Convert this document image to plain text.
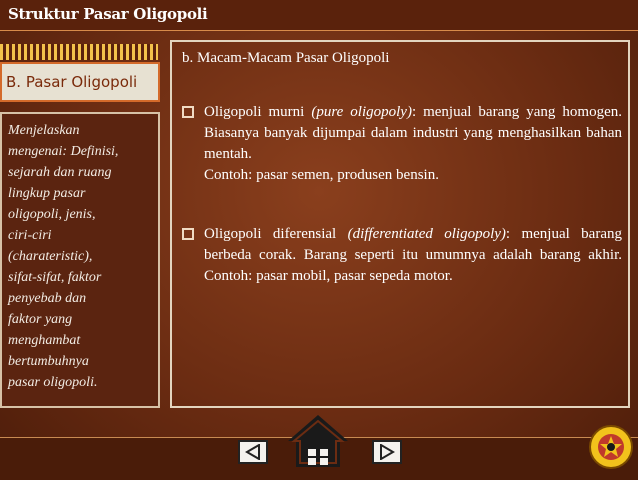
Struktur Pasar Oligopoli
B. Pasar Oligopoli
Menjelaskan
mengenai: Definisi,
sejarah dan ruang
lingkup pasar
oligopoli, jenis,
ciri-ciri
(charateristic),
sifat-sifat, faktor
penyebab dan
faktor yang
menghambat
bertumbuhnya
pasar oligopoli.
b. Macam-Macam Pasar Oligopoli
Oligopoli murni (pure oligopoly): menjual barang yang homogen. Biasanya banyak dijumpai dalam industri yang menghasilkan bahan mentah.
Contoh: pasar semen, produsen bensin.
Oligopoli diferensial (differentiated oligopoly): menjual barang berbeda corak. Barang seperti itu umumnya adalah barang akhir. Contoh: pasar mobil, pasar sepeda motor.
